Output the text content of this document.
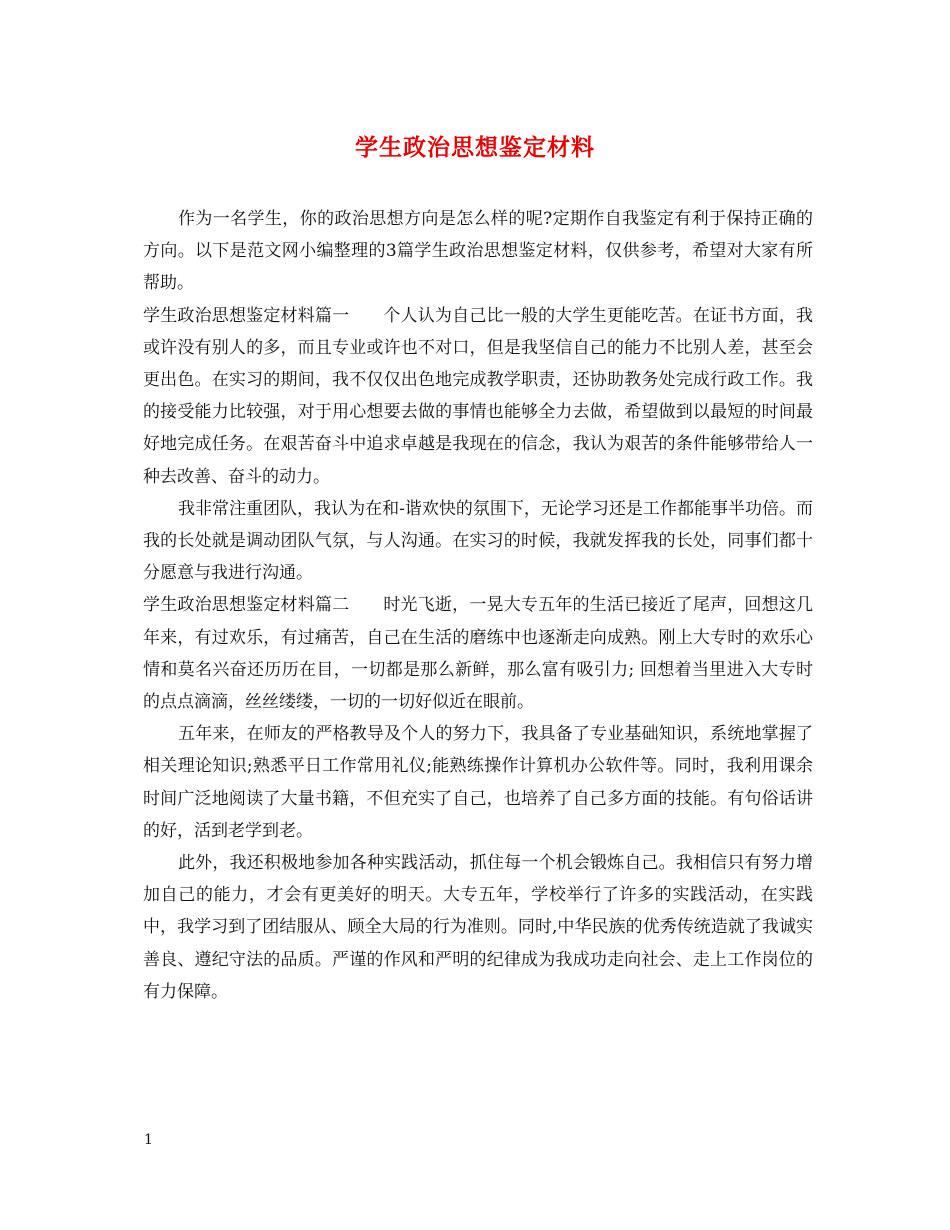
学生政治思想鉴定材料

作为一名学生，你的政治思想方向是怎么样的呢?定期作自我鉴定有利于保持正确的方向。以下是范文网小编整理的3篇学生政治思想鉴定材料，仅供参考，希望对大家有所帮助。

学生政治思想鉴定材料篇一 个人认为自己比一般的大学生更能吃苦。在证书方面，我或许没有别人的多，而且专业或许也不对口，但是我坚信自己的能力不比别人差，甚至会更出色。在实习的期间，我不仅仅出色地完成教学职责，还协助教务处完成行政工作。我的接受能力比较强，对于用心想要去做的事情也能够全力去做，希望做到以最短的时间最好地完成任务。在艰苦奋斗中追求卓越是我现在的信念，我认为艰苦的条件能够带给人一种去改善、奋斗的动力。

我非常注重团队，我认为在和-谐欢快的氛围下，无论学习还是工作都能事半功倍。而我的长处就是调动团队气氛，与人沟通。在实习的时候，我就发挥我的长处，同事们都十分愿意与我进行沟通。

学生政治思想鉴定材料篇二 时光飞逝，一晃大专五年的生活已接近了尾声，回想这几年来，有过欢乐，有过痛苦，自己在生活的磨练中也逐渐走向成熟。刚上大专时的欢乐心情和莫名兴奋还历历在目，一切都是那么新鲜，那么富有吸引力; 回想着当里进入大专时的点点滴滴，丝丝缕缕，一切的一切好似近在眼前。

五年来，在师友的严格教导及个人的努力下，我具备了专业基础知识，系统地掌握了相关理论知识;熟悉平日工作常用礼仪;能熟练操作计算机办公软件等。同时，我利用课余时间广泛地阅读了大量书籍，不但充实了自己，也培养了自己多方面的技能。有句俗话讲的好，活到老学到老。

此外，我还积极地参加各种实践活动，抓住每一个机会锻炼自己。我相信只有努力增加自己的能力，才会有更美好的明天。大专五年，学校举行了许多的实践活动，在实践中，我学习到了团结服从、顾全大局的行为准则。同时,中华民族的优秀传统造就了我诚实善良、遵纪守法的品质。严谨的作风和严明的纪律成为我成功走向社会、走上工作岗位的有力保障。

1
